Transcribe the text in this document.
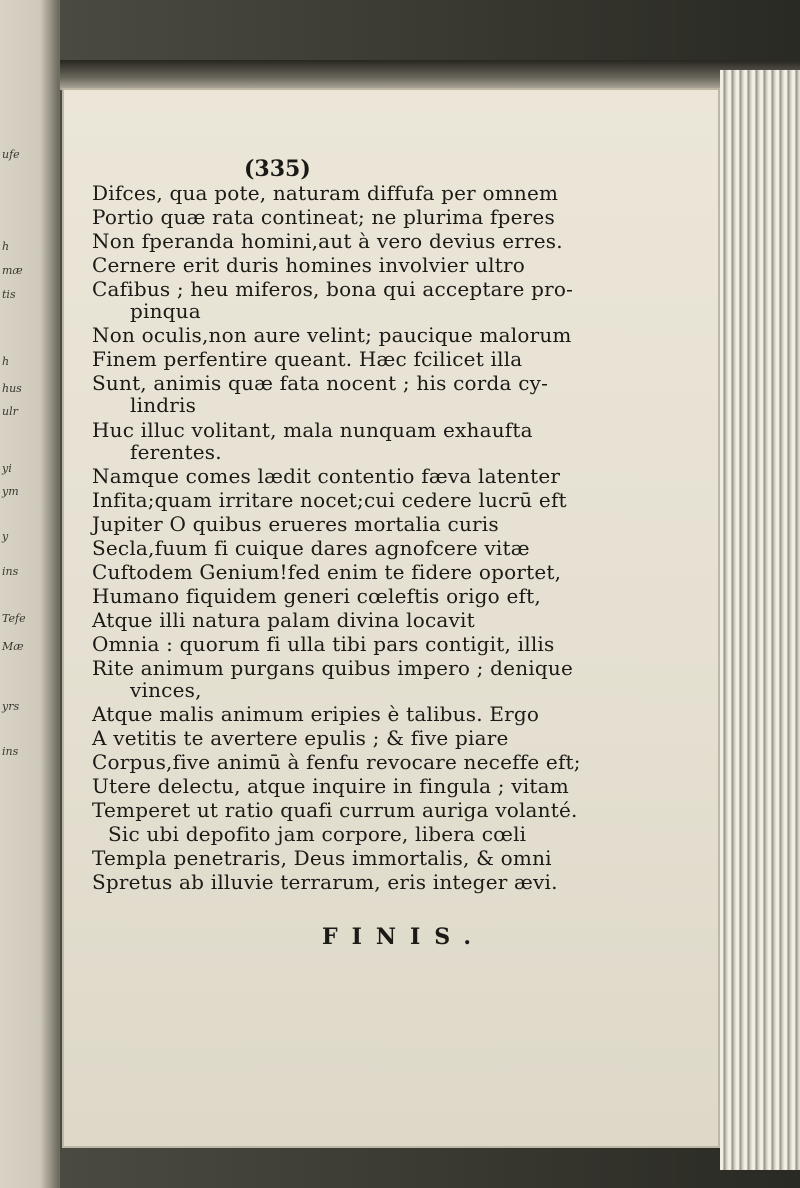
ufe
h
mæ
tis
h
hus
ulr
yi
ym
y
ins
Tefe
Mæ
yrs
ins
(335)
Difces, qua pote, naturam diffufa per omnem
Portio quæ rata contineat; ne plurima fperes
Non fperanda homini,aut à vero devius erres.
Cernere erit duris homines involvier ultro
Cafibus ; heu miferos, bona qui acceptare pro-
pinqua
Non oculis,non aure velint; paucique malorum
Finem perfentire queant. Hæc fcilicet illa
Sunt, animis quæ fata nocent ; his corda cy-
lindris
Huc illuc volitant, mala nunquam exhaufta
ferentes.
Namque comes lædit contentio fæva latenter
Infita;quam irritare nocet;cui cedere lucrū eft
Jupiter O quibus erueres mortalia curis
Secla,fuum fi cuique dares agnofcere vitæ
Cuftodem Genium!fed enim te fidere oportet,
Humano fiquidem generi cœleftis origo eft,
Atque illi natura palam divina locavit
Omnia : quorum fi ulla tibi pars contigit, illis
Rite animum purgans quibus impero ; denique
vinces,
Atque malis animum eripies è talibus. Ergo
A vetitis te avertere epulis ; & five piare
Corpus,five animū à fenfu revocare neceffe eft;
Utere delectu, atque inquire in fingula ; vitam
Temperet ut ratio quafi currum auriga volanté.
Sic ubi depofito jam corpore, libera cœli
Templa penetraris, Deus immortalis, & omni
Spretus ab illuvie terrarum, eris integer ævi.
FINIS.
